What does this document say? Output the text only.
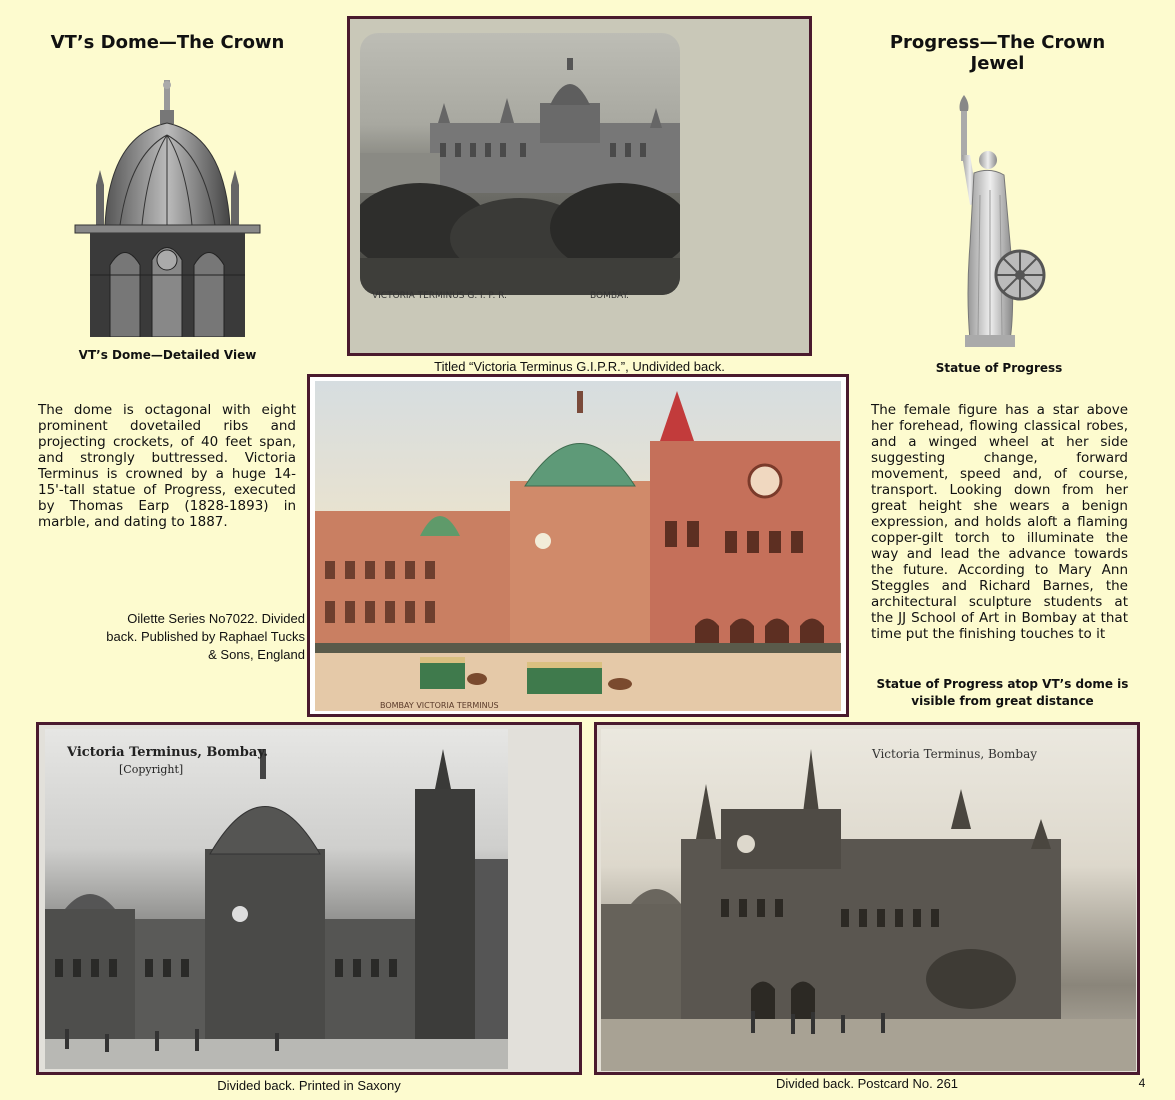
VT’s Dome—The Crown
VT’s Dome—Detailed View
The dome is octagonal with eight prominent dovetailed ribs and projecting crockets, of 40 feet span, and strongly buttressed. Victoria Terminus is crowned by a huge 14-15'-tall statue of Progress, executed by Thomas Earp (1828-1893) in marble, and dating to 1887.
Oilette Series No7022. Divided back. Published by Raphael Tucks & Sons, England
VICTORIA TERMINUS G. I. P. R.	BOMBAY.
Titled “Victoria Terminus G.I.P.R.”, Undivided back.
Progress—The Crown Jewel
Statue of Progress
The female figure has a star above her forehead, flowing classical robes, and a winged wheel at her side suggesting change, forward movement, speed and, of course, transport. Looking down from her great height she wears a benign expression, and holds aloft a flaming copper-gilt torch to illuminate the way and lead the advance towards the future. According to Mary Ann Steggles and Richard Barnes, the architectural sculpture students at the JJ School of Art in Bombay at that time put the finishing touches to it
Statue of Progress atop VT’s dome is visible from great distance
BOMBAY VICTORIA TERMINUS
Victoria Terminus, Bombay.
[Copyright]
Divided back. Printed in Saxony
Victoria Terminus, Bombay
Divided back. Postcard No. 261	4
